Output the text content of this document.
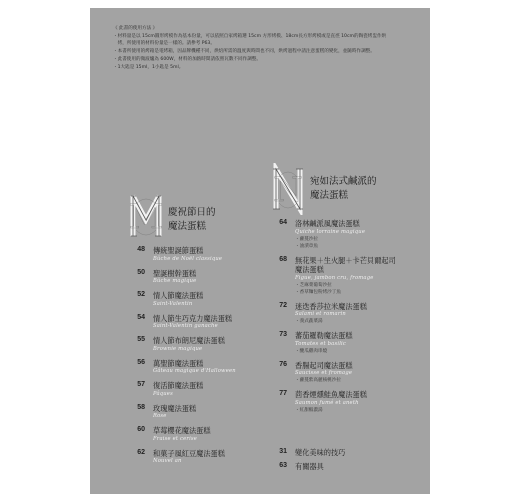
《 此書的使用方法 》
・材料量是以 15cm圓形烤模作為基本份量，可以依照自家烤箱選 15cm 方形烤模、18cm長方形烤模或是直徑 10cm的陶瓷烤盅作烘
　烤，所使用的材料份量是一樣的。請參考 P63。
・本書所使用的烤箱是電烤箱，因品牌機種不同，烘焙所需的溫度與時間也不同，烘烤過程中請注意蛋糕的變化，並隨時作調整。
・此書使用的微波爐為 600W，材料的加熱時間請依照瓦數不同作調整。
・1大匙是 15ml，1小匙是 5ml。
M 慶祝節日的
魔法蛋糕
48 傳統聖誕節蛋糕
Bûche de Noël classique
50 聖誕樹幹蛋糕
Bûche magique
52 情人節魔法蛋糕
Saint-Valentin
54 情人節生巧克力魔法蛋糕
Saint-Valentin ganache
55 情人節布朗尼魔法蛋糕
Brownie magique
56 萬聖節魔法蛋糕
Gâteau magique d'Halloween
57 復活節魔法蛋糕
Pâques
58 玫瑰魔法蛋糕
Rose
60 草莓櫻花魔法蛋糕
Fraise et cerise
62 和菓子風紅豆魔法蛋糕
Nouvel an
N 宛如法式鹹派的
魔法蛋糕
64 洛林鹹派風魔法蛋糕
Quiche lorraine magique
・蘿蔓沙拉
・油漬章魚
68 無花果＋生火腿＋卡芒貝爾起司
魔法蛋糕
Figue, jambon cru, fromage
・芝麻菜葡萄沙拉
・香草麵包粉烤沙丁魚
72 迷迭香莎拉米魔法蛋糕
Salami et romarin
・義式蔬菜湯
73 蕃茄羅勒魔法蛋糕
Tomates et basilic
・醃瓜雞肉串燒
76 香腸起司魔法蛋糕
Saucisse et fromage
・蘿蔓紫高麗核桃沙拉
77 茴香煙燻鮭魚魔法蛋糕
Saumon fumé et aneth
・紅甜椒濃湯
31 變化美味的技巧
63 有關器具
